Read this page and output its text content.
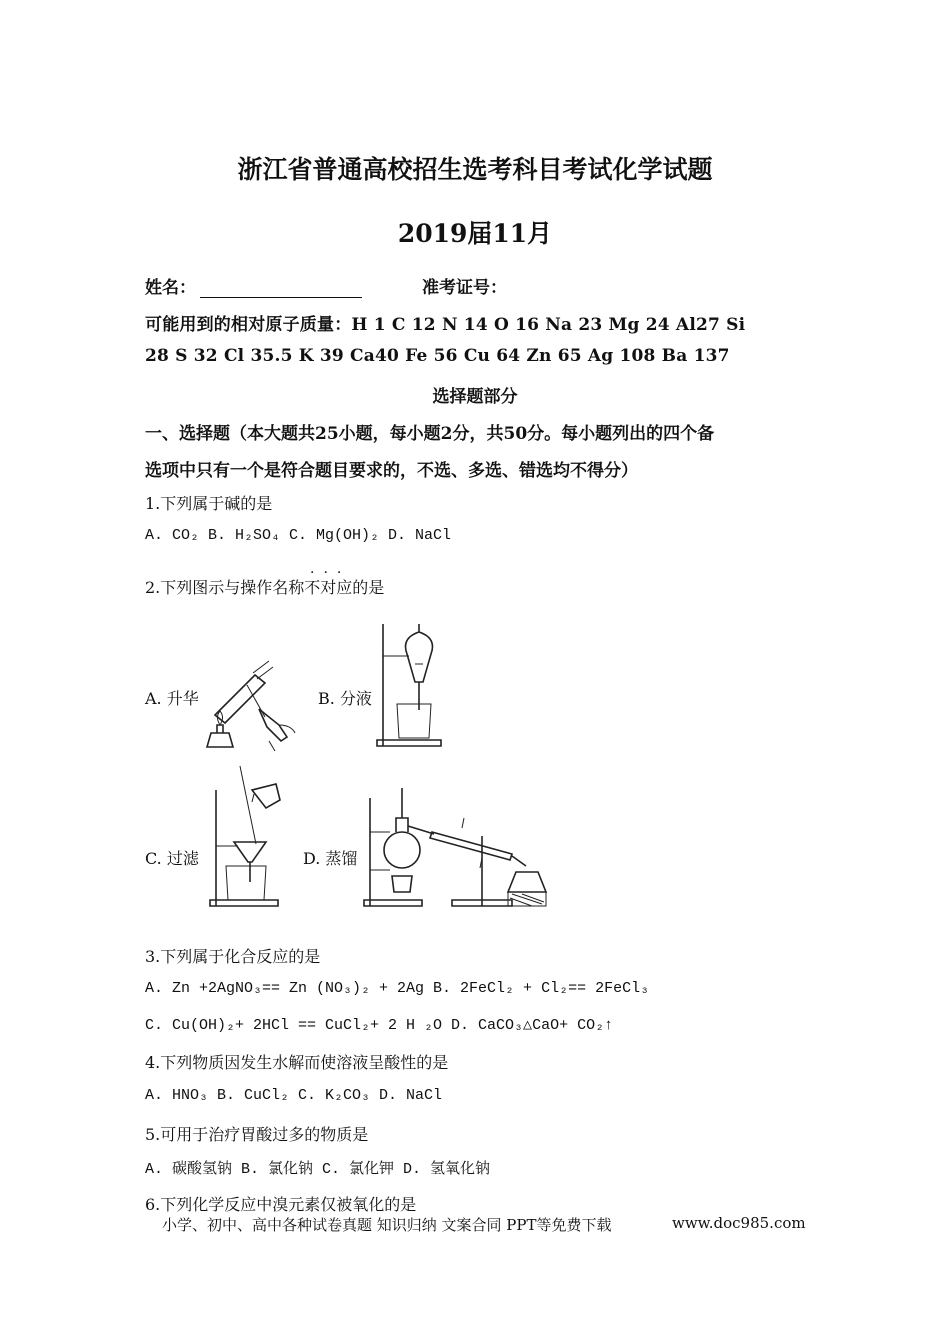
浙江省普通高校招生选考科目考试化学试题
2019届11月
姓名：	准考证号：
可能用到的相对原子质量：H 1 C 12 N 14 O 16 Na 23 Mg 24 Al27 Si
28 S 32 Cl 35.5 K 39 Ca40 Fe 56 Cu 64 Zn 65 Ag 108 Ba 137
选择题部分
一、选择题（本大题共25小题，每小题2分，共50分。每小题列出的四个备
选项中只有一个是符合题目要求的，不选、多选、错选均不得分）
1.下列属于碱的是
A. CO₂ B. H₂SO₄ C. Mg(OH)₂ D. NaCl
···
2.下列图示与操作名称不对应的是
A. 升华	B. 分液
C. 过滤	D. 蒸馏
3.下列属于化合反应的是
A. Zn +2AgNO₃== Zn (NO₃)₂ + 2Ag B. 2FeCl₂ + Cl₂== 2FeCl₃
C. Cu(OH)₂+ 2HCl == CuCl₂+ 2 H ₂O D. CaCO₃△CaO+ CO₂↑
4.下列物质因发生水解而使溶液呈酸性的是
A. HNO₃ B. CuCl₂ C. K₂CO₃ D. NaCl
5.可用于治疗胃酸过多的物质是
A. 碳酸氢钠 B. 氯化钠 C. 氯化钾 D. 氢氧化钠
6.下列化学反应中溴元素仅被氧化的是
小学、初中、高中各种试卷真题 知识归纳 文案合同 PPT等免费下载	www.doc985.com
